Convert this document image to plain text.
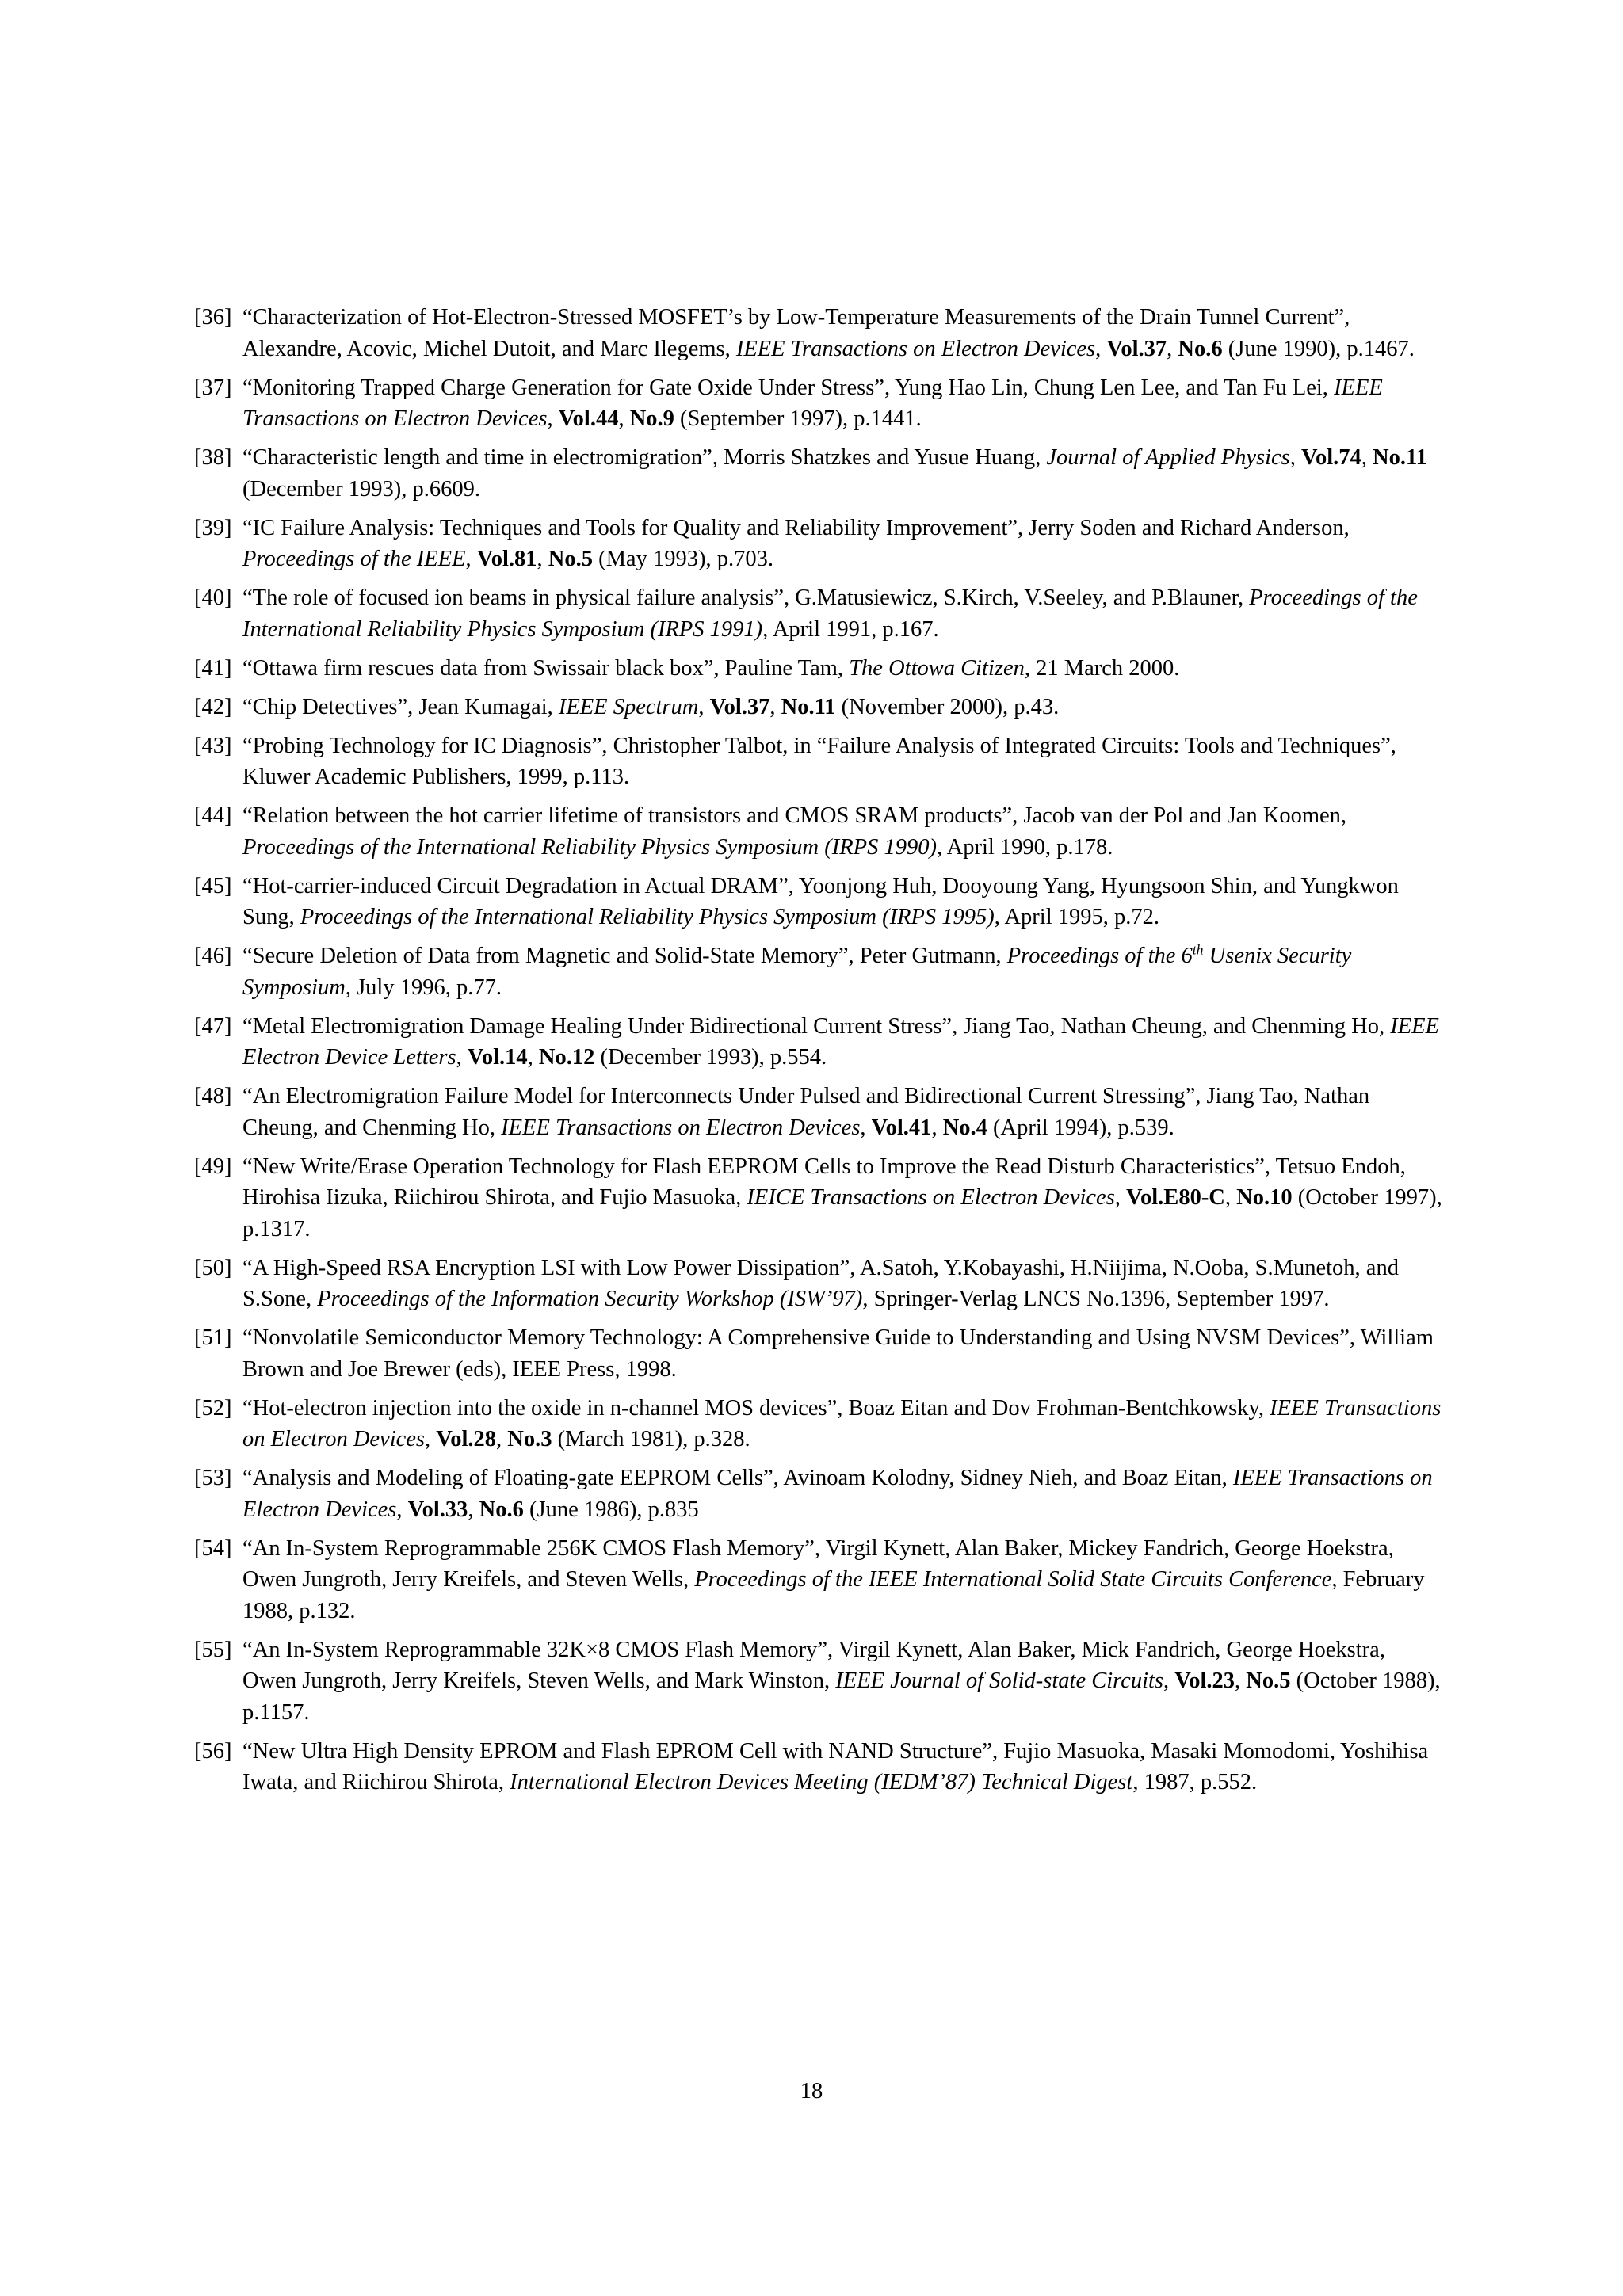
[36] “Characterization of Hot-Electron-Stressed MOSFET’s by Low-Temperature Measurements of the Drain Tunnel Current”, Alexandre, Acovic, Michel Dutoit, and Marc Ilegems, IEEE Transactions on Electron Devices, Vol.37, No.6 (June 1990), p.1467.
[37] “Monitoring Trapped Charge Generation for Gate Oxide Under Stress”, Yung Hao Lin, Chung Len Lee, and Tan Fu Lei, IEEE Transactions on Electron Devices, Vol.44, No.9 (September 1997), p.1441.
[38] “Characteristic length and time in electromigration”, Morris Shatzkes and Yusue Huang, Journal of Applied Physics, Vol.74, No.11 (December 1993), p.6609.
[39] “IC Failure Analysis: Techniques and Tools for Quality and Reliability Improvement”, Jerry Soden and Richard Anderson, Proceedings of the IEEE, Vol.81, No.5 (May 1993), p.703.
[40] “The role of focused ion beams in physical failure analysis”, G.Matusiewicz, S.Kirch, V.Seeley, and P.Blauner, Proceedings of the International Reliability Physics Symposium (IRPS 1991), April 1991, p.167.
[41] “Ottawa firm rescues data from Swissair black box”, Pauline Tam, The Ottowa Citizen, 21 March 2000.
[42] “Chip Detectives”, Jean Kumagai, IEEE Spectrum, Vol.37, No.11 (November 2000), p.43.
[43] “Probing Technology for IC Diagnosis”, Christopher Talbot, in “Failure Analysis of Integrated Circuits: Tools and Techniques”, Kluwer Academic Publishers, 1999, p.113.
[44] “Relation between the hot carrier lifetime of transistors and CMOS SRAM products”, Jacob van der Pol and Jan Koomen, Proceedings of the International Reliability Physics Symposium (IRPS 1990), April 1990, p.178.
[45] “Hot-carrier-induced Circuit Degradation in Actual DRAM”, Yoonjong Huh, Dooyoung Yang, Hyungsoon Shin, and Yungkwon Sung, Proceedings of the International Reliability Physics Symposium (IRPS 1995), April 1995, p.72.
[46] “Secure Deletion of Data from Magnetic and Solid-State Memory”, Peter Gutmann, Proceedings of the 6th Usenix Security Symposium, July 1996, p.77.
[47] “Metal Electromigration Damage Healing Under Bidirectional Current Stress”, Jiang Tao, Nathan Cheung, and Chenming Ho, IEEE Electron Device Letters, Vol.14, No.12 (December 1993), p.554.
[48] “An Electromigration Failure Model for Interconnects Under Pulsed and Bidirectional Current Stressing”, Jiang Tao, Nathan Cheung, and Chenming Ho, IEEE Transactions on Electron Devices, Vol.41, No.4 (April 1994), p.539.
[49] “New Write/Erase Operation Technology for Flash EEPROM Cells to Improve the Read Disturb Characteristics”, Tetsuo Endoh, Hirohisa Iizuka, Riichirou Shirota, and Fujio Masuoka, IEICE Transactions on Electron Devices, Vol.E80-C, No.10 (October 1997), p.1317.
[50] “A High-Speed RSA Encryption LSI with Low Power Dissipation”, A.Satoh, Y.Kobayashi, H.Niijima, N.Ooba, S.Munetoh, and S.Sone, Proceedings of the Information Security Workshop (ISW’97), Springer-Verlag LNCS No.1396, September 1997.
[51] “Nonvolatile Semiconductor Memory Technology: A Comprehensive Guide to Understanding and Using NVSM Devices”, William Brown and Joe Brewer (eds), IEEE Press, 1998.
[52] “Hot-electron injection into the oxide in n-channel MOS devices”, Boaz Eitan and Dov Frohman-Bentchkowsky, IEEE Transactions on Electron Devices, Vol.28, No.3 (March 1981), p.328.
[53] “Analysis and Modeling of Floating-gate EEPROM Cells”, Avinoam Kolodny, Sidney Nieh, and Boaz Eitan, IEEE Transactions on Electron Devices, Vol.33, No.6 (June 1986), p.835
[54] “An In-System Reprogrammable 256K CMOS Flash Memory”, Virgil Kynett, Alan Baker, Mickey Fandrich, George Hoekstra, Owen Jungroth, Jerry Kreifels, and Steven Wells, Proceedings of the IEEE International Solid State Circuits Conference, February 1988, p.132.
[55] “An In-System Reprogrammable 32K×8 CMOS Flash Memory”, Virgil Kynett, Alan Baker, Mick Fandrich, George Hoekstra, Owen Jungroth, Jerry Kreifels, Steven Wells, and Mark Winston, IEEE Journal of Solid-state Circuits, Vol.23, No.5 (October 1988), p.1157.
[56] “New Ultra High Density EPROM and Flash EPROM Cell with NAND Structure”, Fujio Masuoka, Masaki Momodomi, Yoshihisa Iwata, and Riichirou Shirota, International Electron Devices Meeting (IEDM’87) Technical Digest, 1987, p.552.
18
